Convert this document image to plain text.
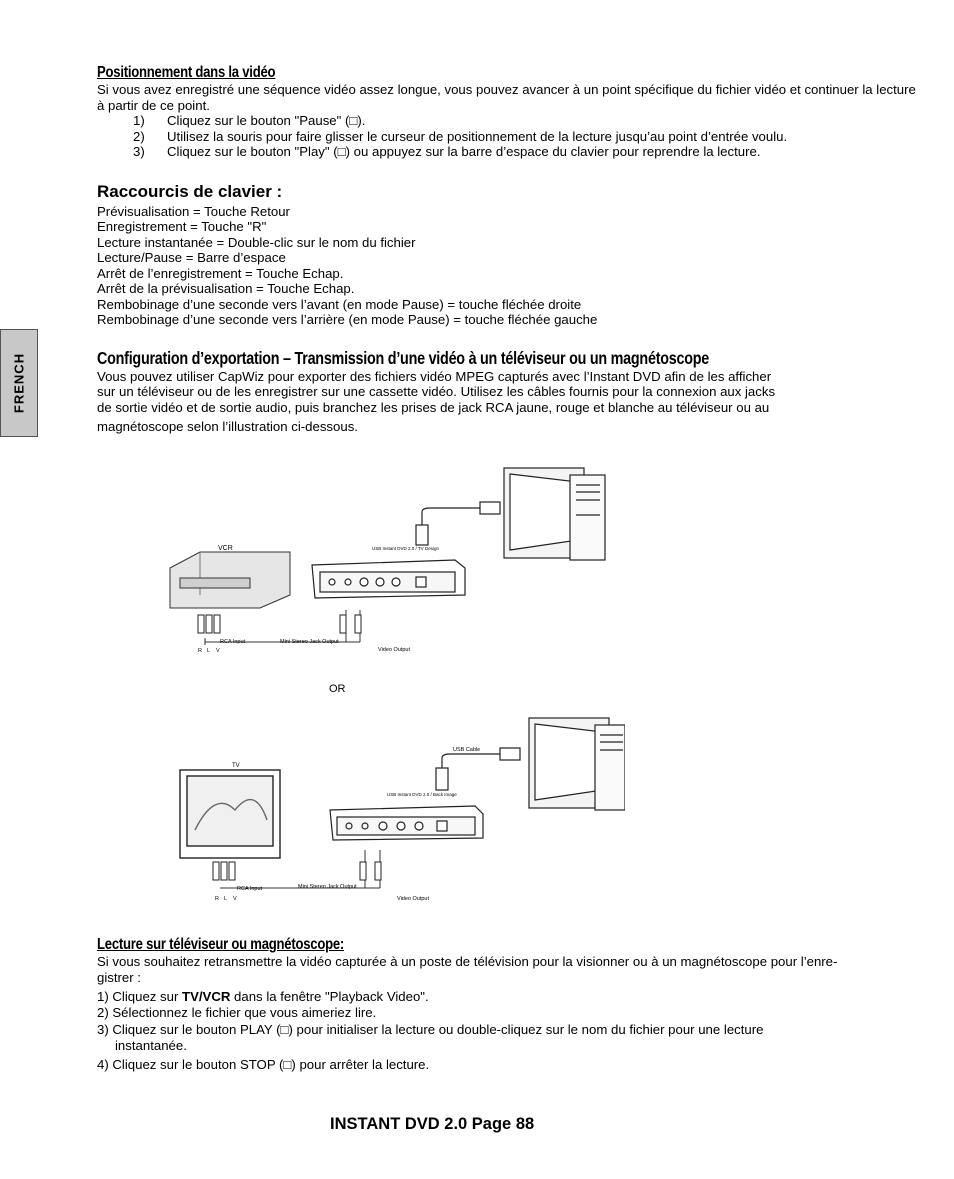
FRENCH
Positionnement dans la vidéo

Si vous avez enregistré une séquence vidéo assez longue, vous pouvez avancer à un point spécifique du fichier vidéo et continuer la lecture à partir de ce point.

1) Cliquez sur le bouton "Pause" (□).
2) Utilisez la souris pour faire glisser le curseur de positionnement de la lecture jusqu’au point d’entrée voulu.
3) Cliquez sur le bouton "Play" (□) ou appuyez sur la barre d’espace du clavier pour reprendre la lecture.
Raccourcis de clavier :
Prévisualisation = Touche Retour
Enregistrement = Touche "R"
Lecture instantanée = Double-clic sur le nom du fichier
Lecture/Pause = Barre d’espace
Arrêt de l’enregistrement = Touche Echap.
Arrêt de la prévisualisation = Touche Echap.
Rembobinage d’une seconde vers l’avant (en mode Pause) = touche fléchée droite
Rembobinage d’une seconde vers l’arrière (en mode Pause) = touche fléchée gauche
Configuration d’exportation – Transmission d’une vidéo à un téléviseur ou un magnétoscope
Vous pouvez utiliser CapWiz pour exporter des fichiers vidéo MPEG capturés avec l’Instant DVD afin de les afficher
sur un téléviseur ou de les enregistrer sur une cassette vidéo. Utilisez les câbles fournis pour la connexion aux jacks
de sortie vidéo et de sortie audio, puis branchez les prises de jack RCA jaune, rouge et blanche au téléviseur ou au
magnétoscope selon l’illustration ci-dessous.
VCR	USB Instant DVD 2.0 / TV Design
RCA Input	Mini Stereo Jack Output
Video Output
R L V
OR
USB Cable
TV
USB Instant DVD 2.0 / Back Image
RCA Input	Mini Stereo Jack Output
Video Output
R L V
Lecture sur téléviseur ou magnétoscope:
Si vous souhaitez retransmettre la vidéo capturée à un poste de télévision pour la visionner ou à un magnétoscope pour l’enre-
gistrer :
1) Cliquez sur TV/VCR dans la fenêtre "Playback Video".
2) Sélectionnez le fichier que vous aimeriez lire.
3) Cliquez sur le bouton PLAY (□) pour initialiser la lecture ou double-cliquez sur le nom du fichier pour une lecture
instantanée.
4) Cliquez sur le bouton STOP (□) pour arrêter la lecture.
INSTANT DVD 2.0 Page 88
